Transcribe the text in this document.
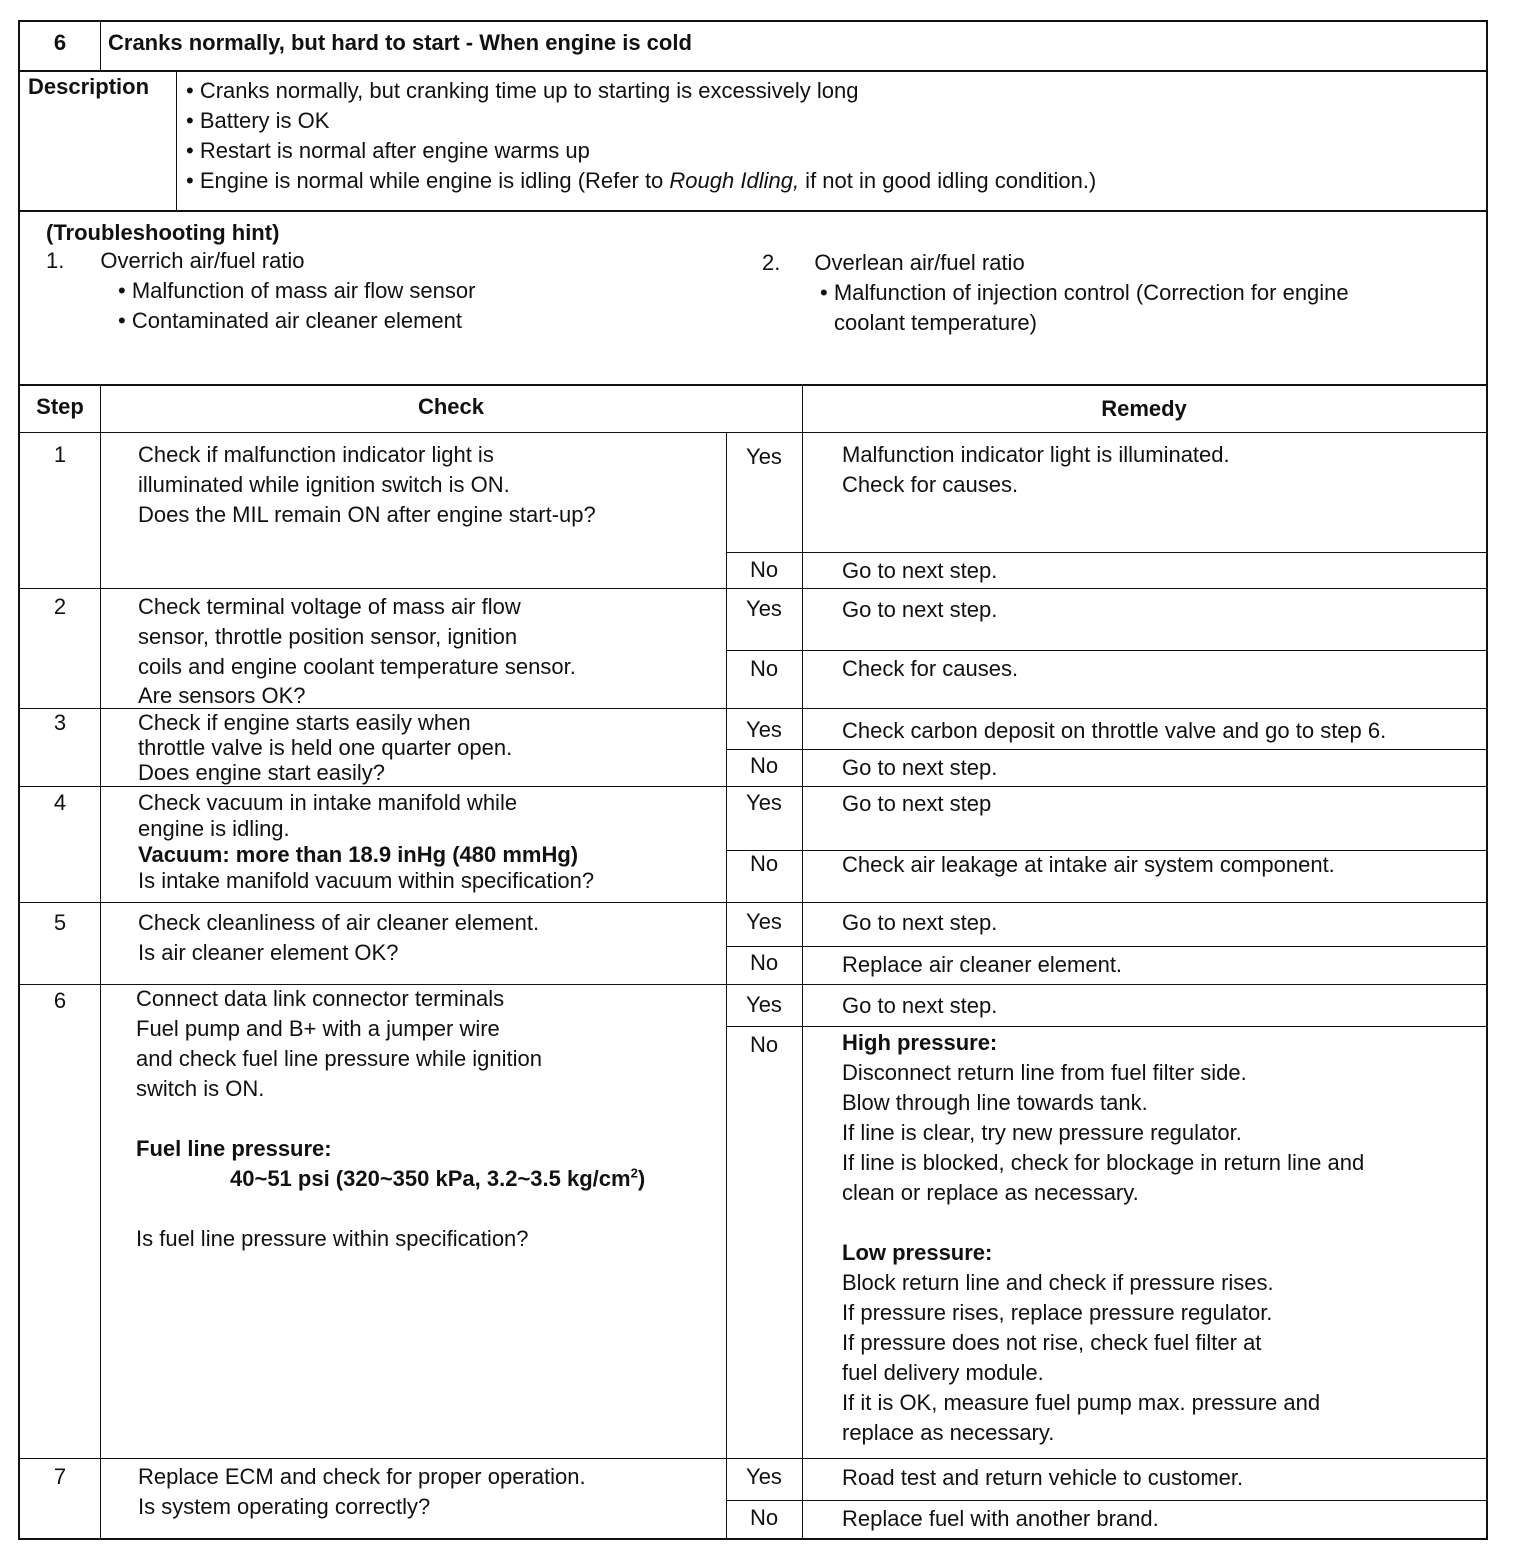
6	Cranks normally, but hard to start - When engine is cold
Description
•	Cranks normally, but cranking time up to starting is excessively long
• Battery is OK
• Restart is normal after engine warms up
• Engine is normal while engine is idling (Refer to Rough Idling, if not in good idling condition.)
(Troubleshooting hint)
1. Overrich air/fuel ratio
• Malfunction of mass air flow sensor
• Contaminated air cleaner element
2. Overlean air/fuel ratio
• Malfunction of injection control (Correction for engine
coolant temperature)
Step	Check	Remedy
1	Check if malfunction indicator light is
illuminated while ignition switch is ON.
Does the MIL remain ON after engine start-up?
Yes	Malfunction indicator light is illuminated.
Check for causes.
No	Go to next step.
2	Check terminal voltage of mass air flow
sensor, throttle position sensor, ignition
coils and engine coolant temperature sensor.
Are sensors OK?
Yes	Go to next step.
No	Check for causes.
3	Check if engine starts easily when
throttle valve is held one quarter open.
Does engine start easily?
Yes	Check carbon deposit on throttle valve and go to step 6.
No	Go to next step.
4	Check vacuum in intake manifold while
engine is idling.
Vacuum: more than 18.9 inHg (480 mmHg)
Is intake manifold vacuum within specification?
Yes	Go to next step
No	Check air leakage at intake air system component.
5	Check cleanliness of air cleaner element.
Is air cleaner element OK?
Yes	Go to next step.
No	Replace air cleaner element.
6	Connect data link connector terminals
Fuel pump and B+ with a jumper wire
and check fuel line pressure while ignition
switch is ON.
Fuel line pressure:
40~51 psi (320~350 kPa, 3.2~3.5 $kg/cm^2$)
Is fuel line pressure within specification?
Yes	Go to next step.
No	High pressure:
Disconnect return line from fuel filter side.
Blow through line towards tank.
If line is clear, try new pressure regulator.
If line is blocked, check for blockage in return line and
clean or replace as necessary.
Low pressure:
Block return line and check if pressure rises.
If pressure rises, replace pressure regulator.
If pressure does not rise, check fuel filter at
fuel delivery module.
If it is OK, measure fuel pump max. pressure and
replace as necessary.
7	Replace ECM and check for proper operation.
Is system operating correctly?
Yes	Road test and return vehicle to customer.
No	Replace fuel with another brand.
